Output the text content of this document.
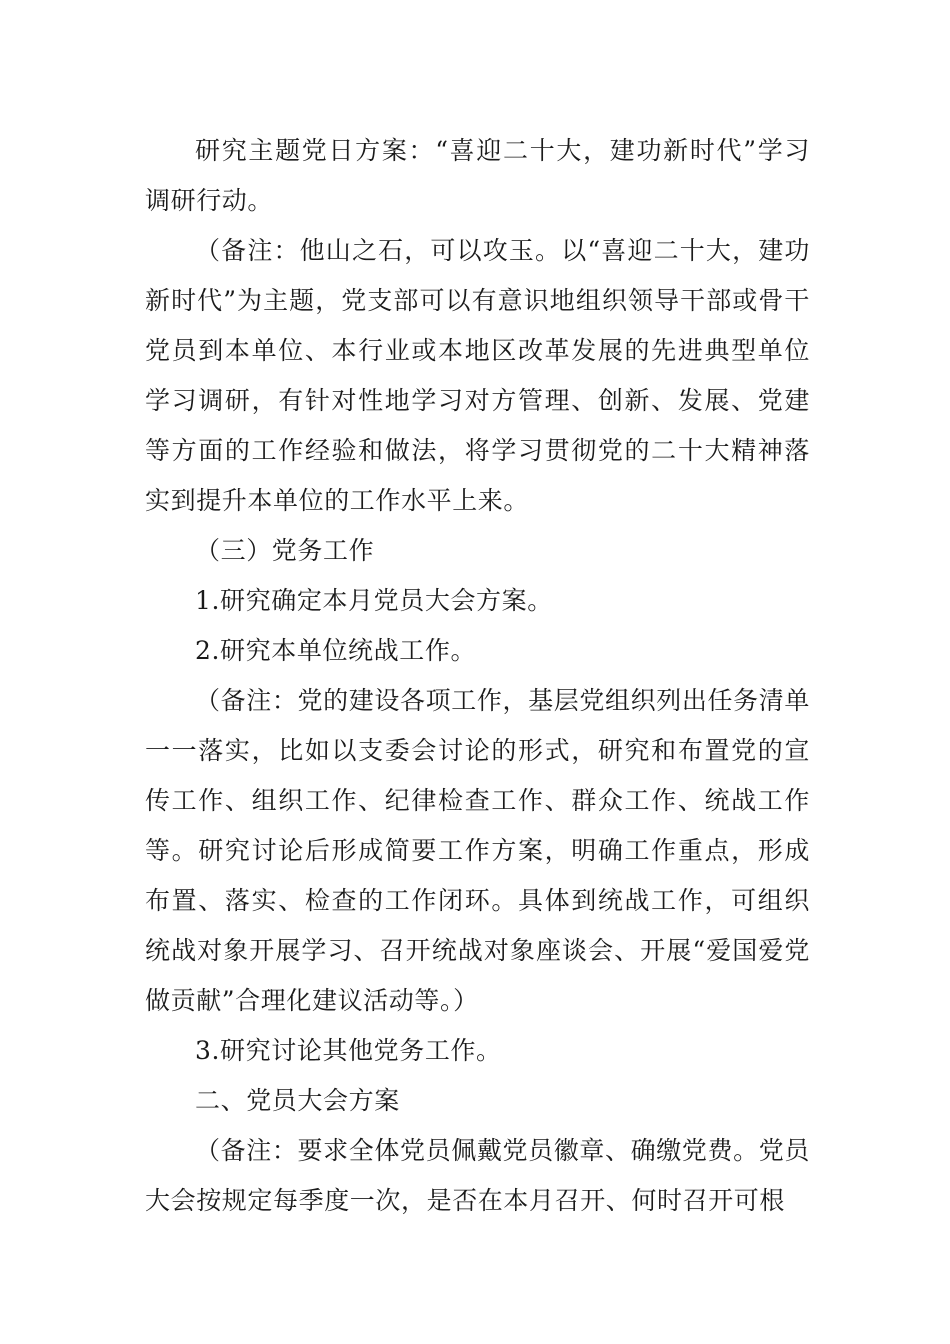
研究主题党日方案：“喜迎二十大，建功新时代”学习调研行动。

（备注：他山之石，可以攻玉。以“喜迎二十大，建功新时代”为主题，党支部可以有意识地组织领导干部或骨干党员到本单位、本行业或本地区改革发展的先进典型单位学习调研，有针对性地学习对方管理、创新、发展、党建等方面的工作经验和做法，将学习贯彻党的二十大精神落实到提升本单位的工作水平上来。

（三）党务工作

1.研究确定本月党员大会方案。

2.研究本单位统战工作。

（备注：党的建设各项工作，基层党组织列出任务清单一一落实，比如以支委会讨论的形式，研究和布置党的宣传工作、组织工作、纪律检查工作、群众工作、统战工作等。研究讨论后形成简要工作方案，明确工作重点，形成布置、落实、检查的工作闭环。具体到统战工作，可组织统战对象开展学习、召开统战对象座谈会、开展“爱国爱党做贡献”合理化建议活动等。）

3.研究讨论其他党务工作。

二、党员大会方案

（备注：要求全体党员佩戴党员徽章、确缴党费。党员大会按规定每季度一次，是否在本月召开、何时召开可根
